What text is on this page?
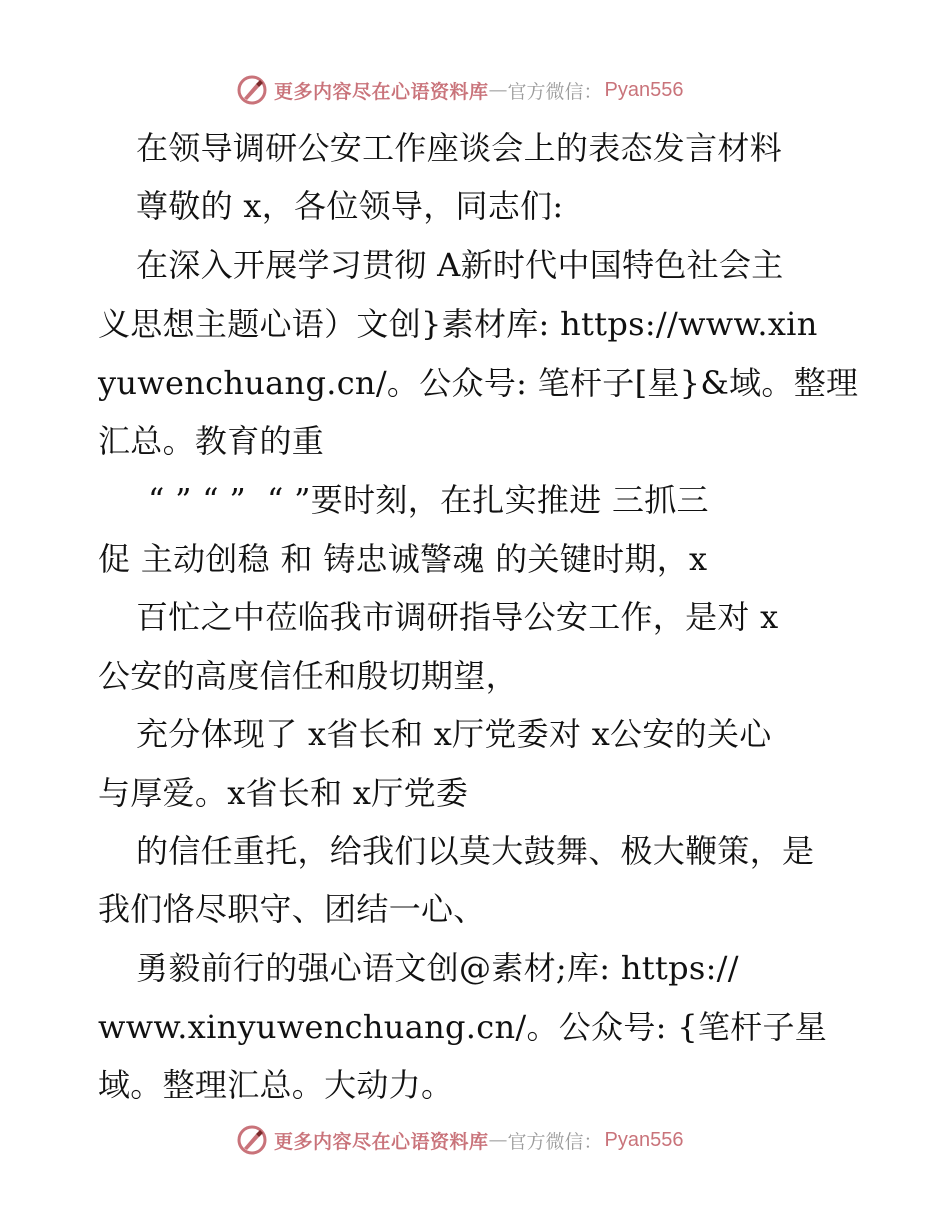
更多内容尽在心语资料库 — 官方微信： Pyan556
在领导调研公安工作座谈会上的表态发言材料
尊敬的 x，各位领导，同志们:
在深入开展学习贯彻 A新时代中国特色社会主
义思想主题心语）文创}素材库: https://www.xin
yuwenchuang.cn/。公众号: 笔杆子[星}&域。整理
汇总。教育的重
“ ” “ ”  “ ”要时刻，在扎实推进 三抓三
促 主动创稳 和 铸忠诚警魂 的关键时期，x
百忙之中莅临我市调研指导公安工作，是对 x
公安的高度信任和殷切期望，
充分体现了 x省长和 x厅党委对 x公安的关心
与厚爱。x省长和 x厅党委
的信任重托，给我们以莫大鼓舞、极大鞭策，是
我们恪尽职守、团结一心、
勇毅前行的强心语文创@素材;库: https://
www.xinyuwenchuang.cn/。公众号: {笔杆子星
域。整理汇总。大动力。
更多内容尽在心语资料库 — 官方微信： Pyan556
